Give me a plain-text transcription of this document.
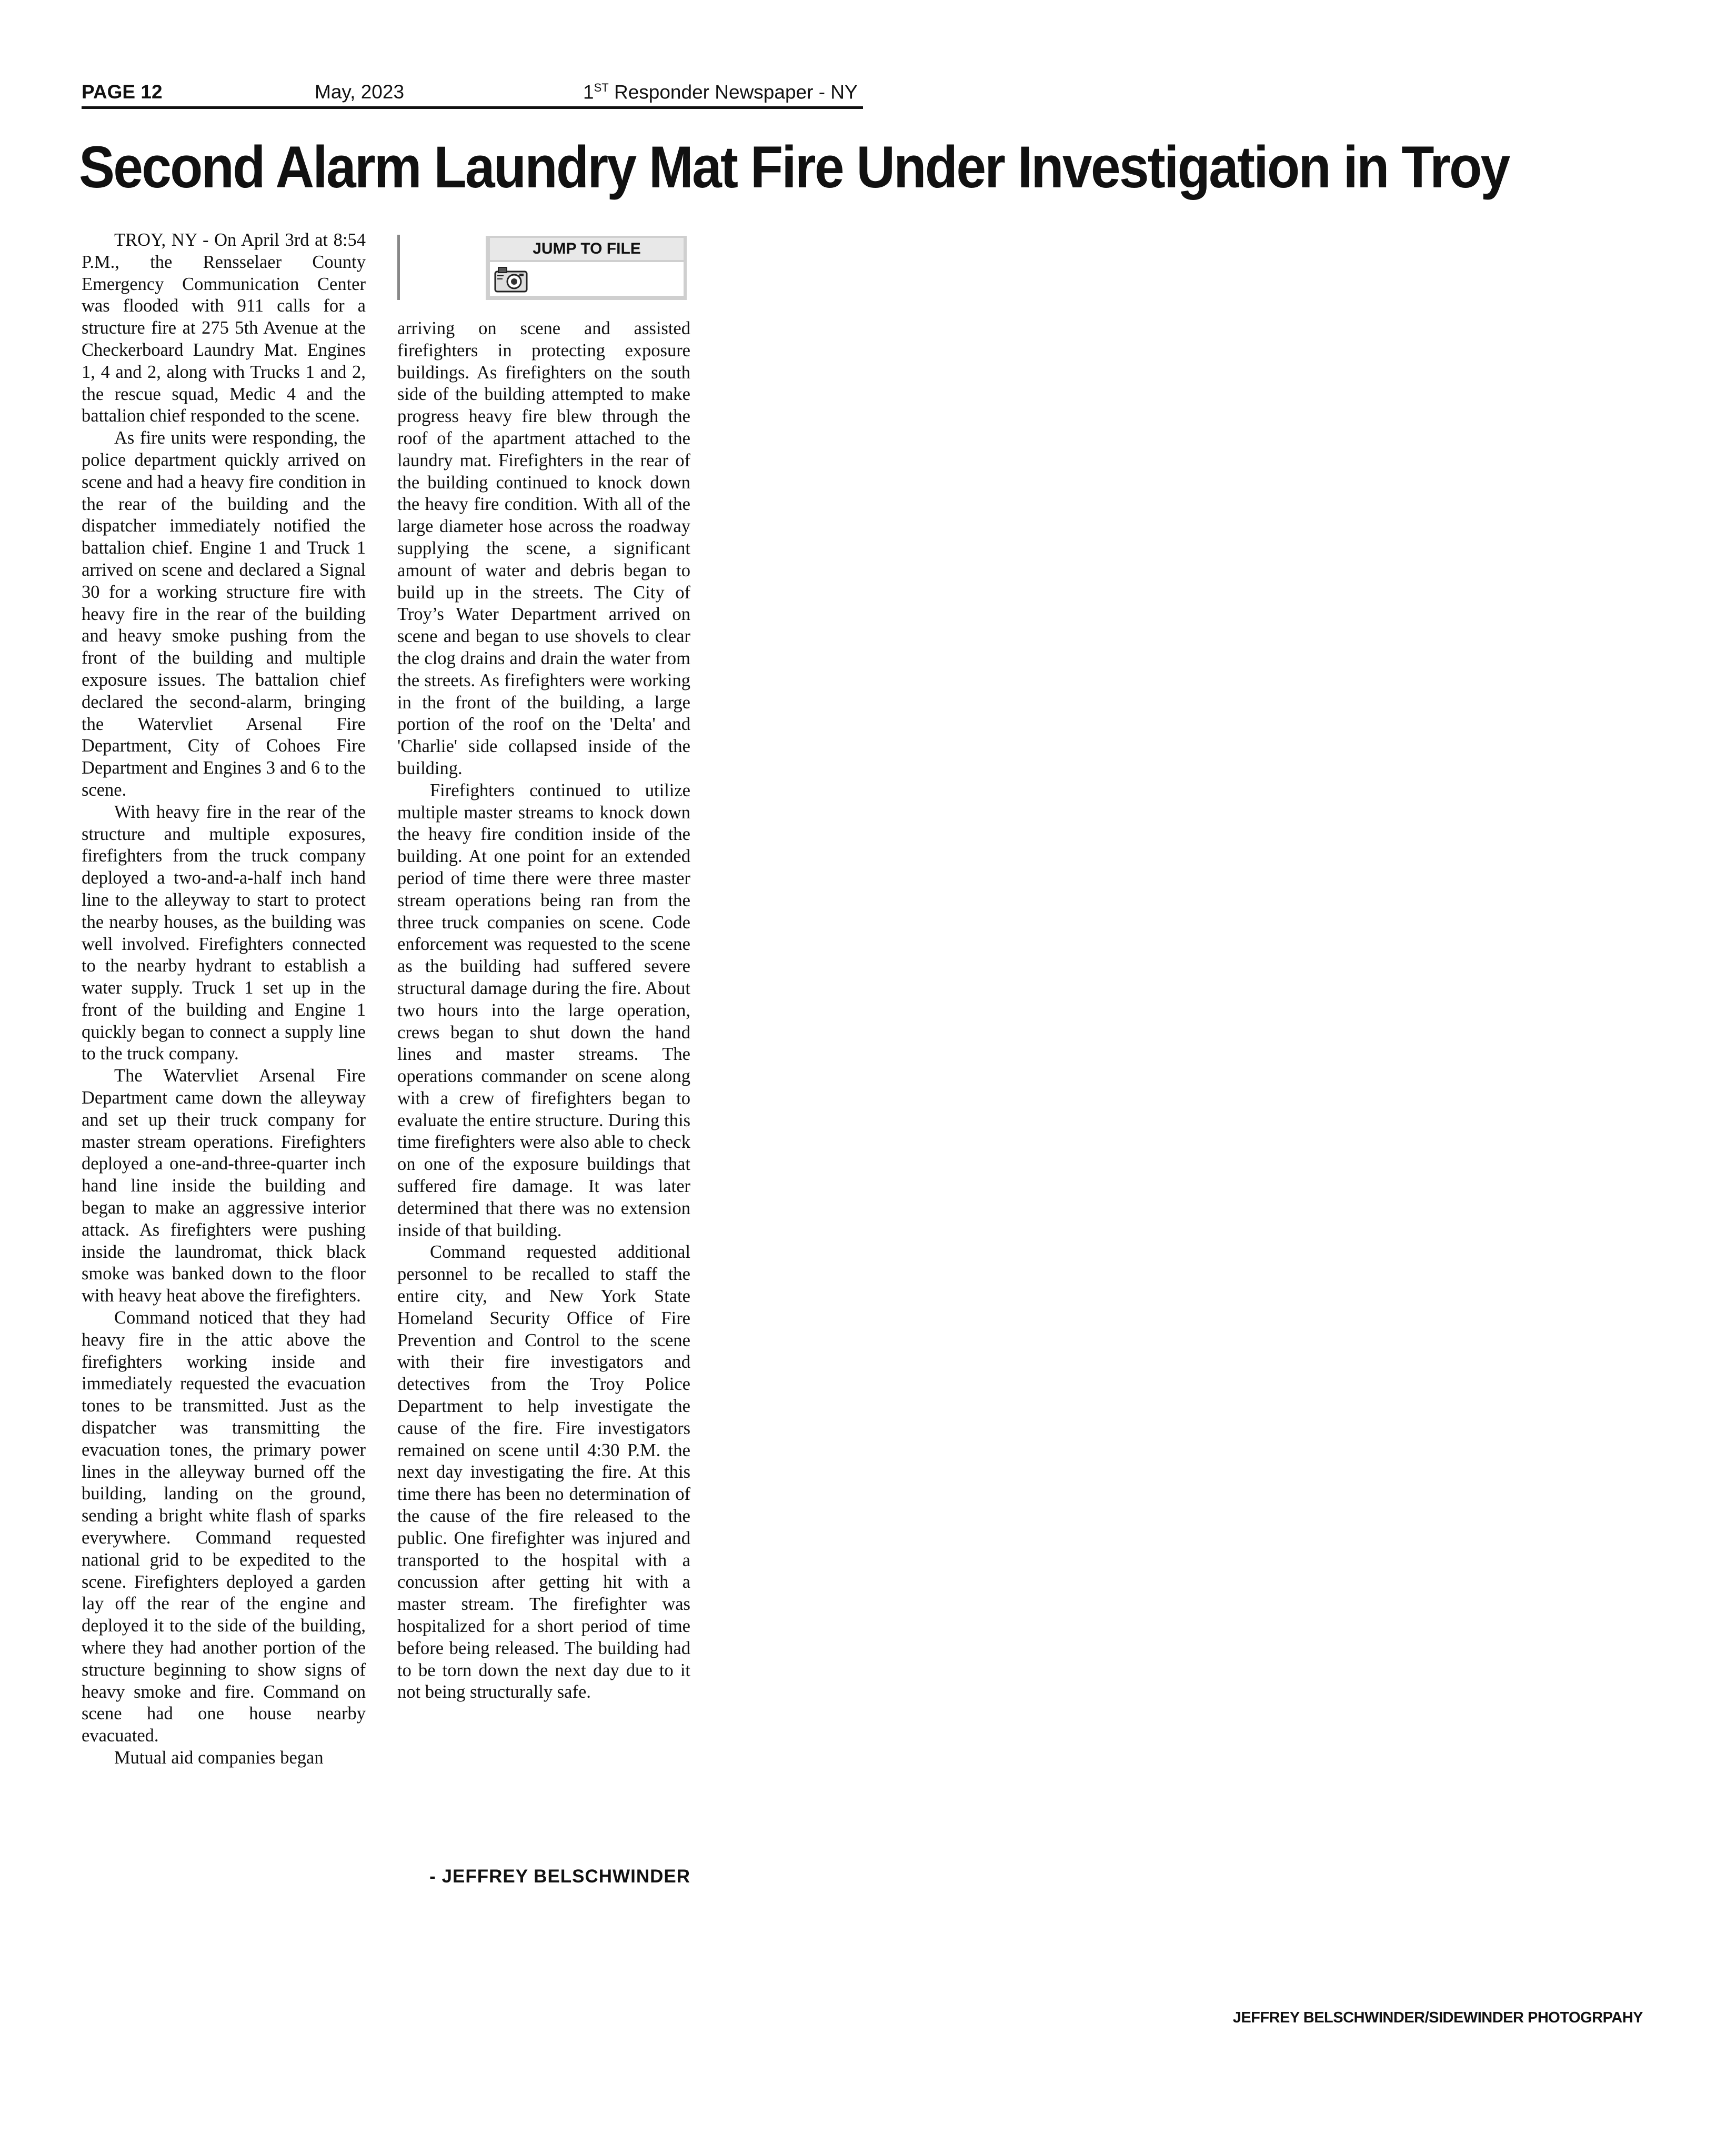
PAGE 12	May, 2023	1ST Responder Newspaper - NY
Second Alarm Laundry Mat Fire Under Investigation in Troy

TROY, NY - On April 3rd at 8:54 P.M., the Rensselaer County Emergency Communication Center was flooded with 911 calls for a structure fire at 275 5th Avenue at the Checkerboard Laundry Mat. Engines 1, 4 and 2, along with Trucks 1 and 2, the rescue squad, Medic 4 and the battalion chief responded to the scene.

As fire units were responding, the police department quickly arrived on scene and had a heavy fire condition in the rear of the building and the dispatcher immediately notified the battalion chief. Engine 1 and Truck 1 arrived on scene and declared a Signal 30 for a working structure fire with heavy fire in the rear of the building and heavy smoke pushing from the front of the building and multiple exposure issues. The battalion chief declared the second-alarm, bringing the Watervliet Arsenal Fire Department, City of Cohoes Fire Department and Engines 3 and 6 to the scene.

With heavy fire in the rear of the structure and multiple exposures, firefighters from the truck company deployed a two-and-a-half inch hand line to the alleyway to start to protect the nearby houses, as the building was well involved. Firefighters connected to the nearby hydrant to establish a water supply. Truck 1 set up in the front of the building and Engine 1 quickly began to connect a supply line to the truck company.

The Watervliet Arsenal Fire Department came down the alleyway and set up their truck company for master stream operations. Firefighters deployed a one-and-three-quarter inch hand line inside the building and began to make an aggressive interior attack. As firefighters were pushing inside the laundromat, thick black smoke was banked down to the floor with heavy heat above the firefighters.

Command noticed that they had heavy fire in the attic above the firefighters working inside and immediately requested the evacuation tones to be transmitted. Just as the dispatcher was transmitting the evacuation tones, the primary power lines in the alleyway burned off the building, landing on the ground, sending a bright white flash of sparks everywhere. Command requested national grid to be expedited to the scene. Firefighters deployed a garden lay off the rear of the engine and deployed it to the side of the building, where they had another portion of the structure beginning to show signs of heavy smoke and fire. Command on scene had one house nearby evacuated.

Mutual aid companies began

JUMP TO FILE

arriving on scene and assisted firefighters in protecting exposure buildings. As firefighters on the south side of the building attempted to make progress heavy fire blew through the roof of the apartment attached to the laundry mat. Firefighters in the rear of the building continued to knock down the heavy fire condition. With all of the large diameter hose across the roadway supplying the scene, a significant amount of water and debris began to build up in the streets. The City of Troy’s Water Department arrived on scene and began to use shovels to clear the clog drains and drain the water from the streets. As firefighters were working in the front of the building, a large portion of the roof on the 'Delta' and 'Charlie' side collapsed inside of the building.

Firefighters continued to utilize multiple master streams to knock down the heavy fire condition inside of the building. At one point for an extended period of time there were three master stream operations being ran from the three truck companies on scene. Code enforcement was requested to the scene as the building had suffered severe structural damage during the fire. About two hours into the large operation, crews began to shut down the hand lines and master streams. The operations commander on scene along with a crew of firefighters began to evaluate the entire structure. During this time firefighters were also able to check on one of the exposure buildings that suffered fire damage. It was later determined that there was no extension inside of that building.

Command requested additional personnel to be recalled to staff the entire city, and New York State Homeland Security Office of Fire Prevention and Control to the scene with their fire investigators and detectives from the Troy Police Department to help investigate the cause of the fire. Fire investigators remained on scene until 4:30 P.M. the next day investigating the fire. At this time there has been no determination of the cause of the fire released to the public. One firefighter was injured and transported to the hospital with a concussion after getting hit with a master stream. The firefighter was hospitalized for a short period of time before being released. The building had to be torn down the next day due to it not being structurally safe.

- JEFFREY BELSCHWINDER
JEFFREY BELSCHWINDER/SIDEWINDER PHOTOGRPAHY
